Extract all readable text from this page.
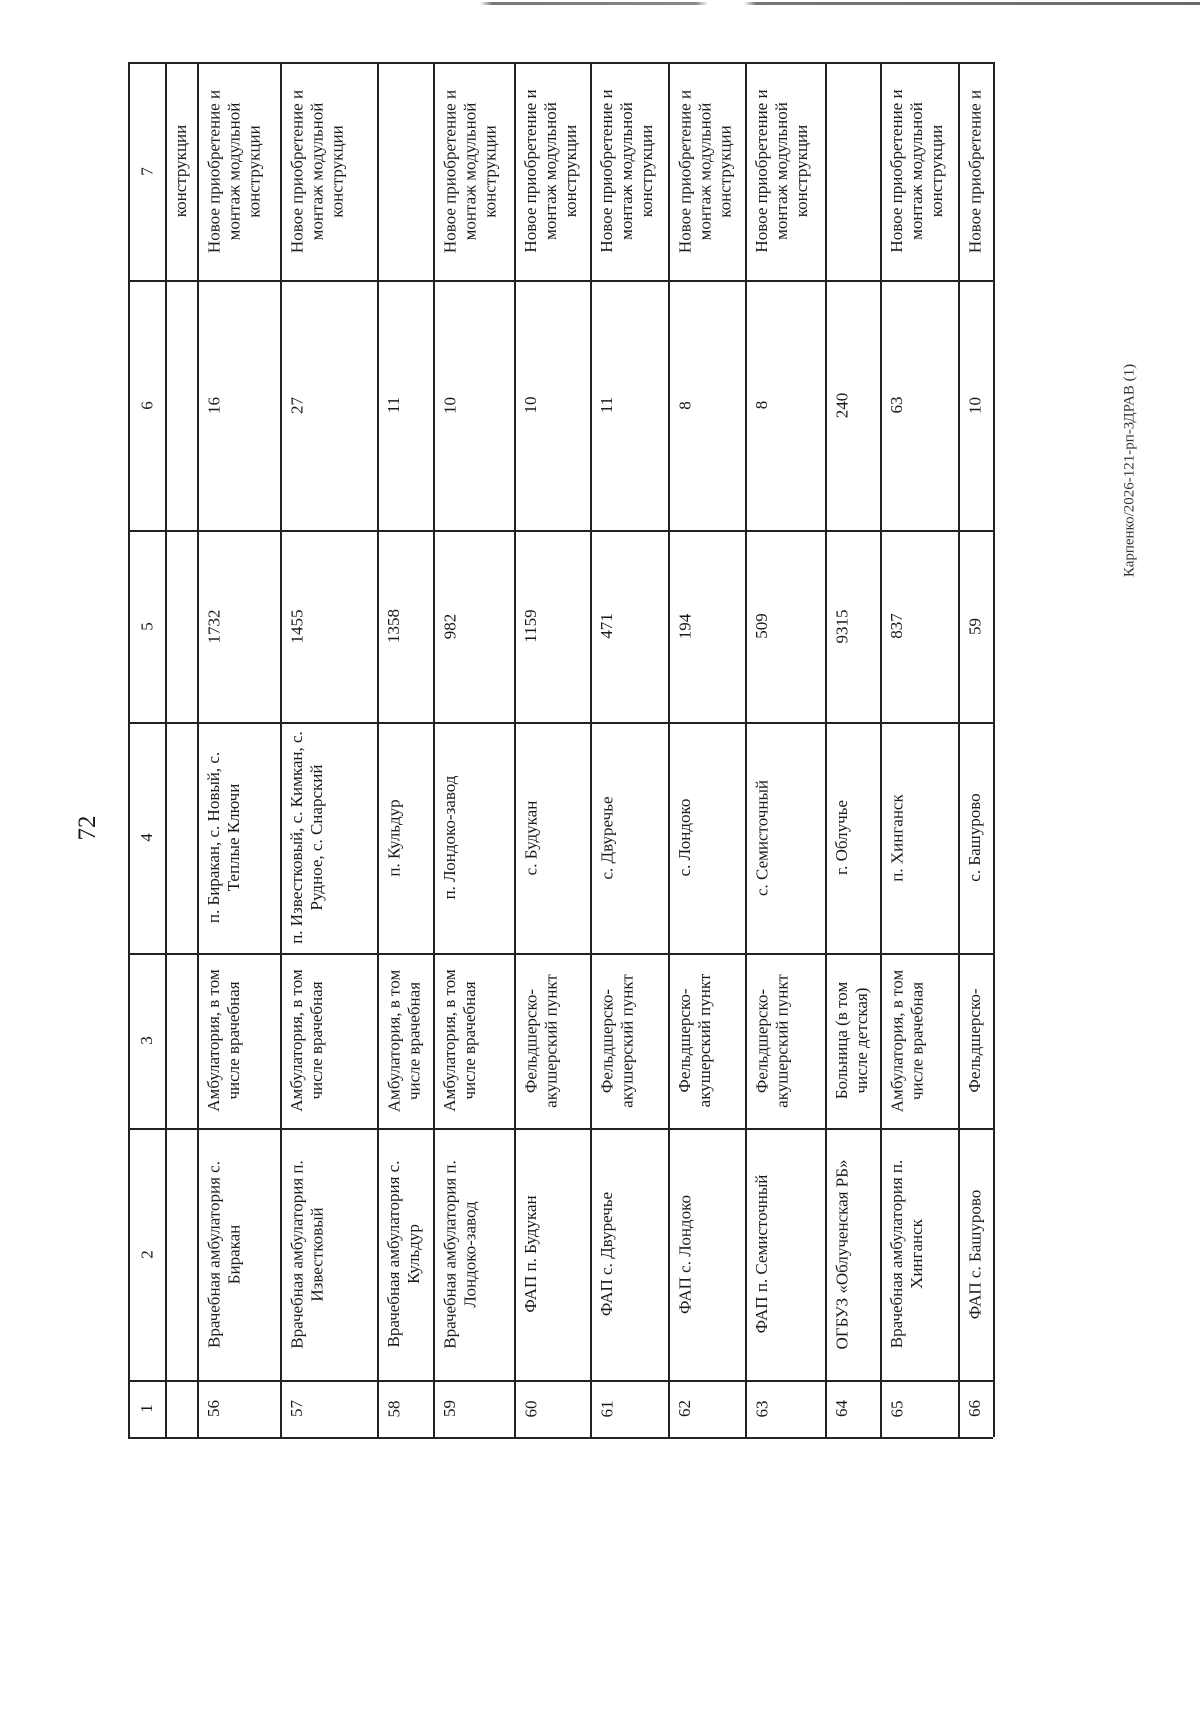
72
Карпенко/2026-121-рп-ЗДРАВ (1)
1
2
3
4
5
6
7 конструкции
56
Врачебная амбулатория с. Биракан
Амбулатория, в том числе врачебная
п. Биракан, с. Новый, с. Теплые Ключи
1732
16
Новое приобретение и монтаж модульной конструкции
57
Врачебная амбулатория п. Известковый
Амбулатория, в том числе врачебная
п. Известковый, с. Кимкан, с. Рудное, с. Снарский
1455
27
Новое приобретение и монтаж модульной конструкции
58
Врачебная амбулатория с. Кульдур
Амбулатория, в том числе врачебная
п. Кульдур
1358
11
59
Врачебная амбулатория п. Лондоко-завод
Амбулатория, в том числе врачебная
п. Лондоко-завод
982
10
Новое приобретение и монтаж модульной конструкции
60
ФАП п. Будукан
Фельдшерско-акушерский пункт
с. Будукан
1159
10
Новое приобретение и монтаж модульной конструкции
61
ФАП с. Двуречье
Фельдшерско-акушерский пункт
с. Двуречье
471
11
Новое приобретение и монтаж модульной конструкции
62
ФАП с. Лондоко
Фельдшерско-акушерский пункт
с. Лондоко
194
8
Новое приобретение и монтаж модульной конструкции
63
ФАП п. Семисточный
Фельдшерско-акушерский пункт
с. Семисточный
509
8
Новое приобретение и монтаж модульной конструкции
64
ОГБУЗ «Облученская РБ»
Больница (в том числе детская)
г. Облучье
9315
240
65
Врачебная амбулатория п. Хинганск
Амбулатория, в том числе врачебная
п. Хинганск
837
63
Новое приобретение и монтаж модульной конструкции
66
ФАП с. Башурово
Фельдшерско-
с. Башурово
59
10
Новое приобретение и
